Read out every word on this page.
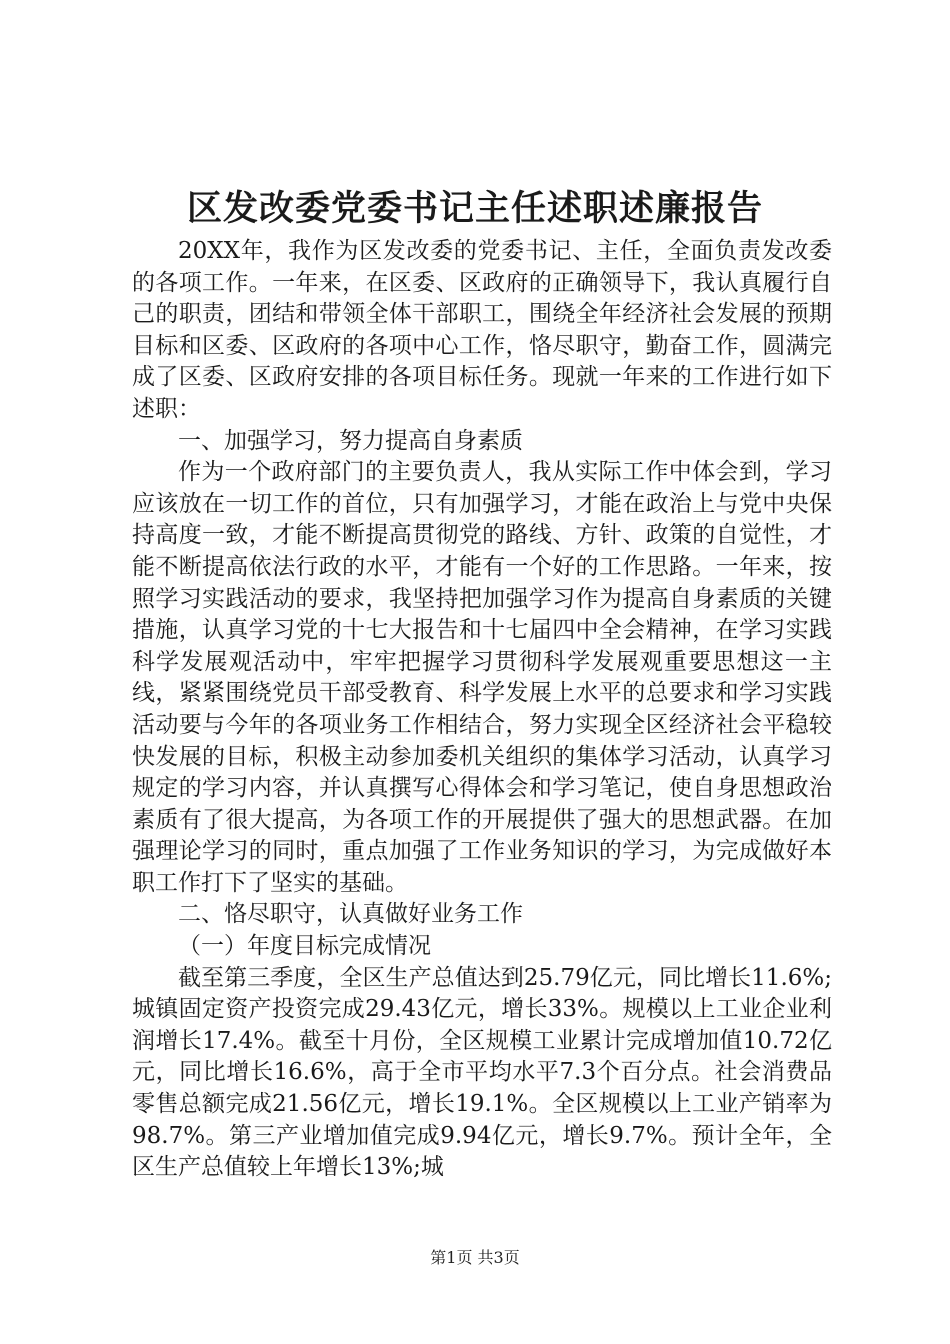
区发改委党委书记主任述职述廉报告

20XX年，我作为区发改委的党委书记、主任，全面负责发改委的各项工作。一年来，在区委、区政府的正确领导下，我认真履行自己的职责，团结和带领全体干部职工，围绕全年经济社会发展的预期目标和区委、区政府的各项中心工作，恪尽职守，勤奋工作，圆满完成了区委、区政府安排的各项目标任务。现就一年来的工作进行如下述职：

一、加强学习，努力提高自身素质

作为一个政府部门的主要负责人，我从实际工作中体会到，学习应该放在一切工作的首位，只有加强学习，才能在政治上与党中央保持高度一致，才能不断提高贯彻党的路线、方针、政策的自觉性，才能不断提高依法行政的水平，才能有一个好的工作思路。一年来，按照学习实践活动的要求，我坚持把加强学习作为提高自身素质的关键措施，认真学习党的十七大报告和十七届四中全会精神，在学习实践科学发展观活动中，牢牢把握学习贯彻科学发展观重要思想这一主线，紧紧围绕党员干部受教育、科学发展上水平的总要求和学习实践活动要与今年的各项业务工作相结合，努力实现全区经济社会平稳较快发展的目标，积极主动参加委机关组织的集体学习活动，认真学习规定的学习内容，并认真撰写心得体会和学习笔记，使自身思想政治素质有了很大提高，为各项工作的开展提供了强大的思想武器。在加强理论学习的同时，重点加强了工作业务知识的学习，为完成做好本职工作打下了坚实的基础。

二、恪尽职守，认真做好业务工作

（一）年度目标完成情况

截至第三季度，全区生产总值达到25.79亿元，同比增长11.6%;城镇固定资产投资完成29.43亿元，增长33%。规模以上工业企业利润增长17.4%。截至十月份，全区规模工业累计完成增加值10.72亿元，同比增长16.6%，高于全市平均水平7.3个百分点。社会消费品零售总额完成21.56亿元，增长19.1%。全区规模以上工业产销率为98.7%。第三产业增加值完成9.94亿元，增长9.7%。预计全年，全区生产总值较上年增长13%;城

第1页 共3页
